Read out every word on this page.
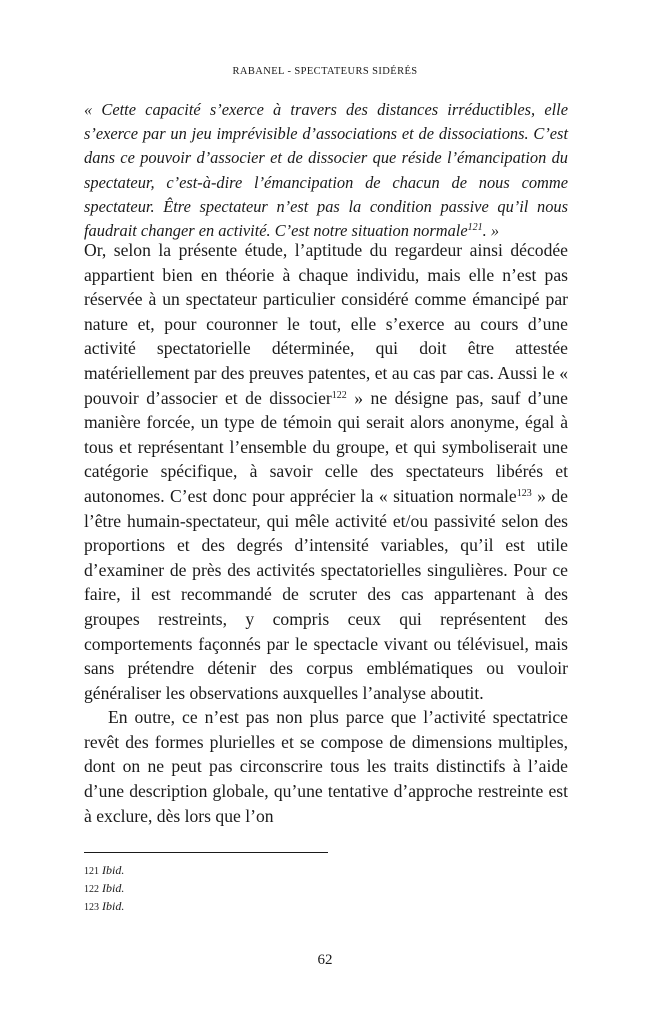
RABANEL - SPECTATEURS SIDÉRÉS
« Cette capacité s’exerce à travers des distances irréductibles, elle s’exerce par un jeu imprévisible d’associations et de dissociations. C’est dans ce pouvoir d’associer et de dissocier que réside l’émancipation du spectateur, c’est-à-dire l’émancipation de chacun de nous comme spectateur. Être spectateur n’est pas la condition passive qu’il nous faudrait changer en activité. C’est notre situation normale$^{121}$. »

Or, selon la présente étude, l’aptitude du regardeur ainsi décodée appartient bien en théorie à chaque individu, mais elle n’est pas réservée à un spectateur particulier considéré comme émancipé par nature et, pour couronner le tout, elle s’exerce au cours d’une activité spectatorielle déterminée, qui doit être attestée matériellement par des preuves patentes, et au cas par cas. Aussi le « pouvoir d’associer et de dissocier$^{122}$ » ne désigne pas, sauf d’une manière forcée, un type de témoin qui serait alors anonyme, égal à tous et représentant l’ensemble du groupe, et qui symboliserait une catégorie spécifique, à savoir celle des spectateurs libérés et autonomes. C’est donc pour apprécier la « situation normale$^{123}$ » de l’être humain-spectateur, qui mêle activité et/ou passivité selon des proportions et des degrés d’intensité variables, qu’il est utile d’examiner de près des activités spectatorielles singulières. Pour ce faire, il est recommandé de scruter des cas appartenant à des groupes restreints, y compris ceux qui représentent des comportements façonnés par le spectacle vivant ou télévisuel, mais sans prétendre détenir des corpus emblématiques ou vouloir généraliser les observations auxquelles l’analyse aboutit.

En outre, ce n’est pas non plus parce que l’activité spectatrice revêt des formes plurielles et se compose de dimensions multiples, dont on ne peut pas circonscrire tous les traits distinctifs à l’aide d’une description globale, qu’une tentative d’approche restreinte est à exclure, dès lors que l’on

121 Ibid.
122 Ibid.
123 Ibid.
62
